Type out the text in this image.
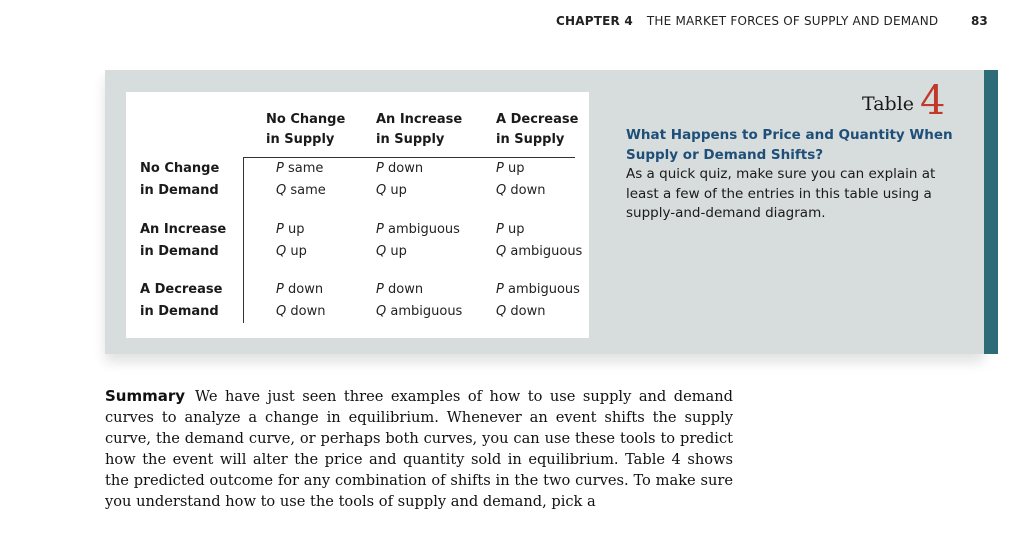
CHAPTER 4 THE MARKET FORCES OF SUPPLY AND DEMAND	83
No Change
in Supply
An Increase
in Supply
A Decrease
in Supply
No Change
in Demand
P same
Q same
P down
Q up
P up
Q down
An Increase
in Demand
P up
Q up
P ambiguous
Q up
P up
Q ambiguous
A Decrease
in Demand
P down
Q down
P down
Q ambiguous
P ambiguous
Q down
Table 4
What Happens to Price and Quantity When Supply or Demand Shifts?
As a quick quiz, make sure you can explain at least a few of the entries in this table using a supply-and-demand diagram.
Summary We have just seen three examples of how to use supply and demand curves to analyze a change in equilibrium. Whenever an event shifts the supply curve, the demand curve, or perhaps both curves, you can use these tools to predict how the event will alter the price and quantity sold in equilibrium. Table 4 shows the predicted outcome for any combination of shifts in the two curves. To make sure you understand how to use the tools of supply and demand, pick a
